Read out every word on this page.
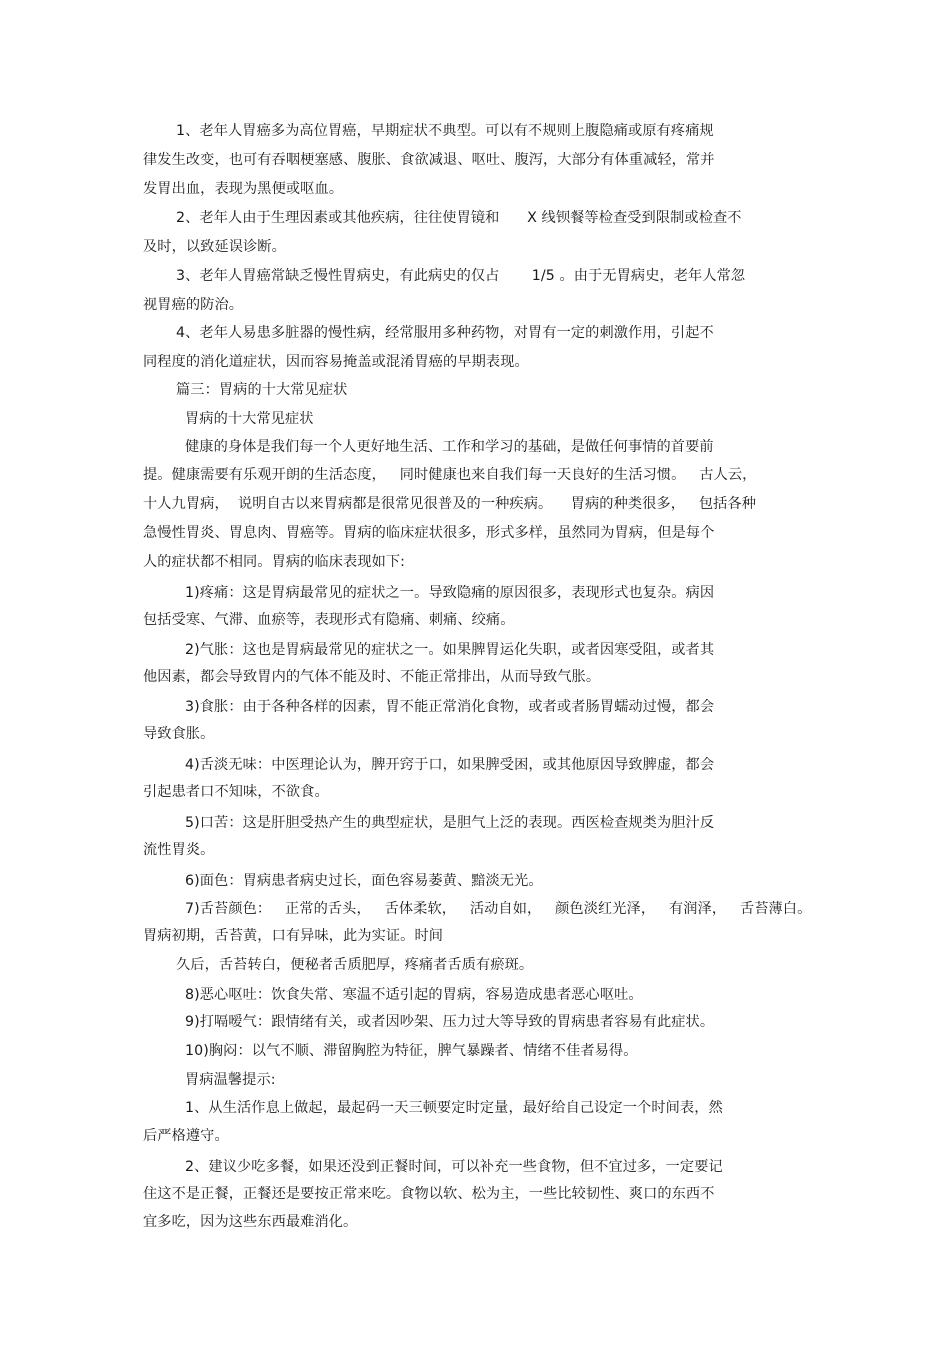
1、老年人胃癌多为高位胃癌，早期症状不典型。可以有不规则上腹隐痛或原有疼痛规
律发生改变，也可有吞咽梗塞感、腹胀、食欲减退、呕吐、腹泻，大部分有体重减轻，常并
发胃出血，表现为黑便或呕血。
2、老年人由于生理因素或其他疾病，往往使胃镜和      X 线钡餐等检查受到限制或检查不
及时，以致延误诊断。
3、老年人胃癌常缺乏慢性胃病史，有此病史的仅占       1/5 。由于无胃病史，老年人常忽
视胃癌的防治。
4、老年人易患多脏器的慢性病，经常服用多种药物，对胃有一定的刺激作用，引起不
同程度的消化道症状，因而容易掩盖或混淆胃癌的早期表现。
篇三：胃病的十大常见症状
胃病的十大常见症状
健康的身体是我们每一个人更好地生活、工作和学习的基础，是做任何事情的首要前
提。健康需要有乐观开朗的生活态度，   同时健康也来自我们每一天良好的生活习惯。   古人云，
十人九胃病，  说明自古以来胃病都是很常见很普及的一种疾病。    胃病的种类很多，   包括各种
急慢性胃炎、胃息肉、胃癌等。胃病的临床症状很多，形式多样，虽然同为胃病，但是每个
人的症状都不相同。胃病的临床表现如下:
1)疼痛：这是胃病最常见的症状之一。导致隐痛的原因很多，表现形式也复杂。病因
包括受寒、气滞、血瘀等，表现形式有隐痛、刺痛、绞痛。
2)气胀：这也是胃病最常见的症状之一。如果脾胃运化失职，或者因寒受阻，或者其
他因素，都会导致胃内的气体不能及时、不能正常排出，从而导致气胀。
3)食胀：由于各种各样的因素，胃不能正常消化食物，或者或者肠胃蠕动过慢，都会
导致食胀。
4)舌淡无味：中医理论认为，脾开窍于口，如果脾受困，或其他原因导致脾虚，都会
引起患者口不知味，不欲食。
5)口苦：这是肝胆受热产生的典型症状，是胆气上泛的表现。西医检查规类为胆汁反
流性胃炎。
6)面色：胃病患者病史过长，面色容易萎黄、黯淡无光。
7)舌苔颜色：   正常的舌头，   舌体柔软，   活动自如，   颜色淡红光泽，   有润泽，   舌苔薄白。
胃病初期，舌苔黄，口有异味，此为实证。时间
久后，舌苔转白，便秘者舌质肥厚，疼痛者舌质有瘀斑。
8)恶心呕吐：饮食失常、寒温不适引起的胃病，容易造成患者恶心呕吐。
9)打嗝嗳气：跟情绪有关，或者因吵架、压力过大等导致的胃病患者容易有此症状。
10)胸闷：以气不顺、滞留胸腔为特征，脾气暴躁者、情绪不佳者易得。
胃病温馨提示:
1、从生活作息上做起，最起码一天三顿要定时定量，最好给自己设定一个时间表，然
后严格遵守。
2、建议少吃多餐，如果还没到正餐时间，可以补充一些食物，但不宜过多，一定要记
住这不是正餐，正餐还是要按正常来吃。食物以软、松为主，一些比较韧性、爽口的东西不
宜多吃，因为这些东西最难消化。
